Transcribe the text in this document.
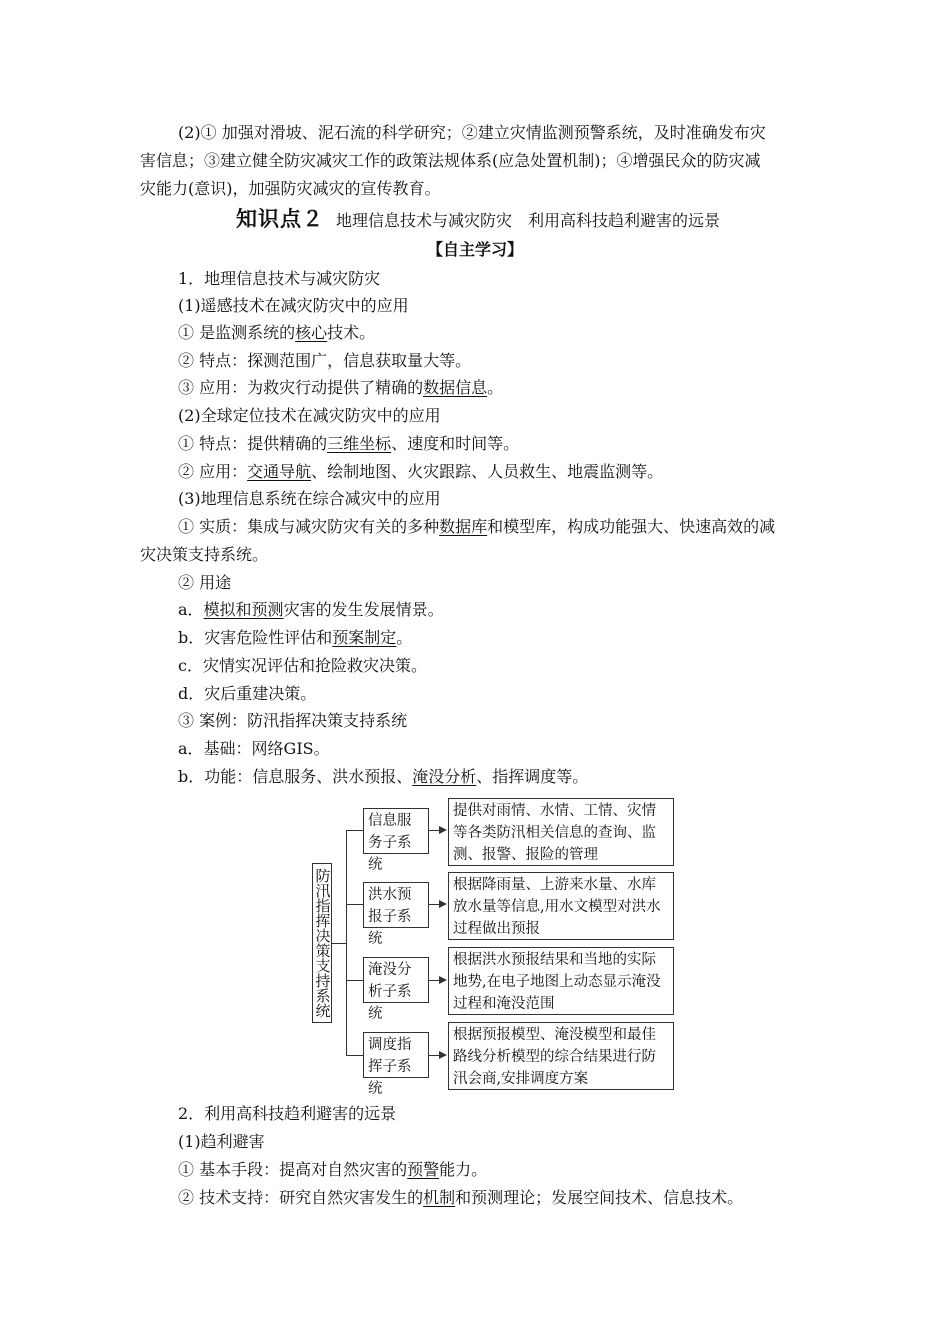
(2)① 加强对滑坡、泥石流的科学研究；②建立灾情监测预警系统，及时准确发布灾
害信息；③建立健全防灾减灾工作的政策法规体系(应急处置机制)；④增强民众的防灾减
灾能力(意识)，加强防灾减灾的宣传教育。
知识点２ 地理信息技术与减灾防灾　利用高科技趋利避害的远景
【自主学习】
1．地理信息技术与减灾防灾
(1)遥感技术在减灾防灾中的应用
① 是监测系统的核心技术。
② 特点：探测范围广，信息获取量大等。
③ 应用：为救灾行动提供了精确的数据信息。
(2)全球定位技术在减灾防灾中的应用
① 特点：提供精确的三维坐标、速度和时间等。
② 应用：交通导航、绘制地图、火灾跟踪、人员救生、地震监测等。
(3)地理信息系统在综合减灾中的应用
① 实质：集成与减灾防灾有关的多种数据库和模型库，构成功能强大、快速高效的减
灾决策支持系统。
② 用途
a．模拟和预测灾害的发生发展情景。
b．灾害危险性评估和预案制定。
c．灾情实况评估和抢险救灾决策。
d．灾后重建决策。
③ 案例：防汛指挥决策支持系统
a．基础：网络GIS。
b．功能：信息服务、洪水预报、淹没分析、指挥调度等。
防汛指挥决策支持系统
信息服务子系统
洪水预报子系统
淹没分析子系统
调度指挥子系统
提供对雨情、水情、工情、灾情等各类防汛相关信息的查询、监测、报警、报险的管理
根据降雨量、上游来水量、水库放水量等信息,用水文模型对洪水过程做出预报
根据洪水预报结果和当地的实际地势,在电子地图上动态显示淹没过程和淹没范围
根据预报模型、淹没模型和最佳路线分析模型的综合结果进行防汛会商,安排调度方案
2．利用高科技趋利避害的远景
(1)趋利避害
① 基本手段：提高对自然灾害的预警能力。
② 技术支持：研究自然灾害发生的机制和预测理论；发展空间技术、信息技术。
